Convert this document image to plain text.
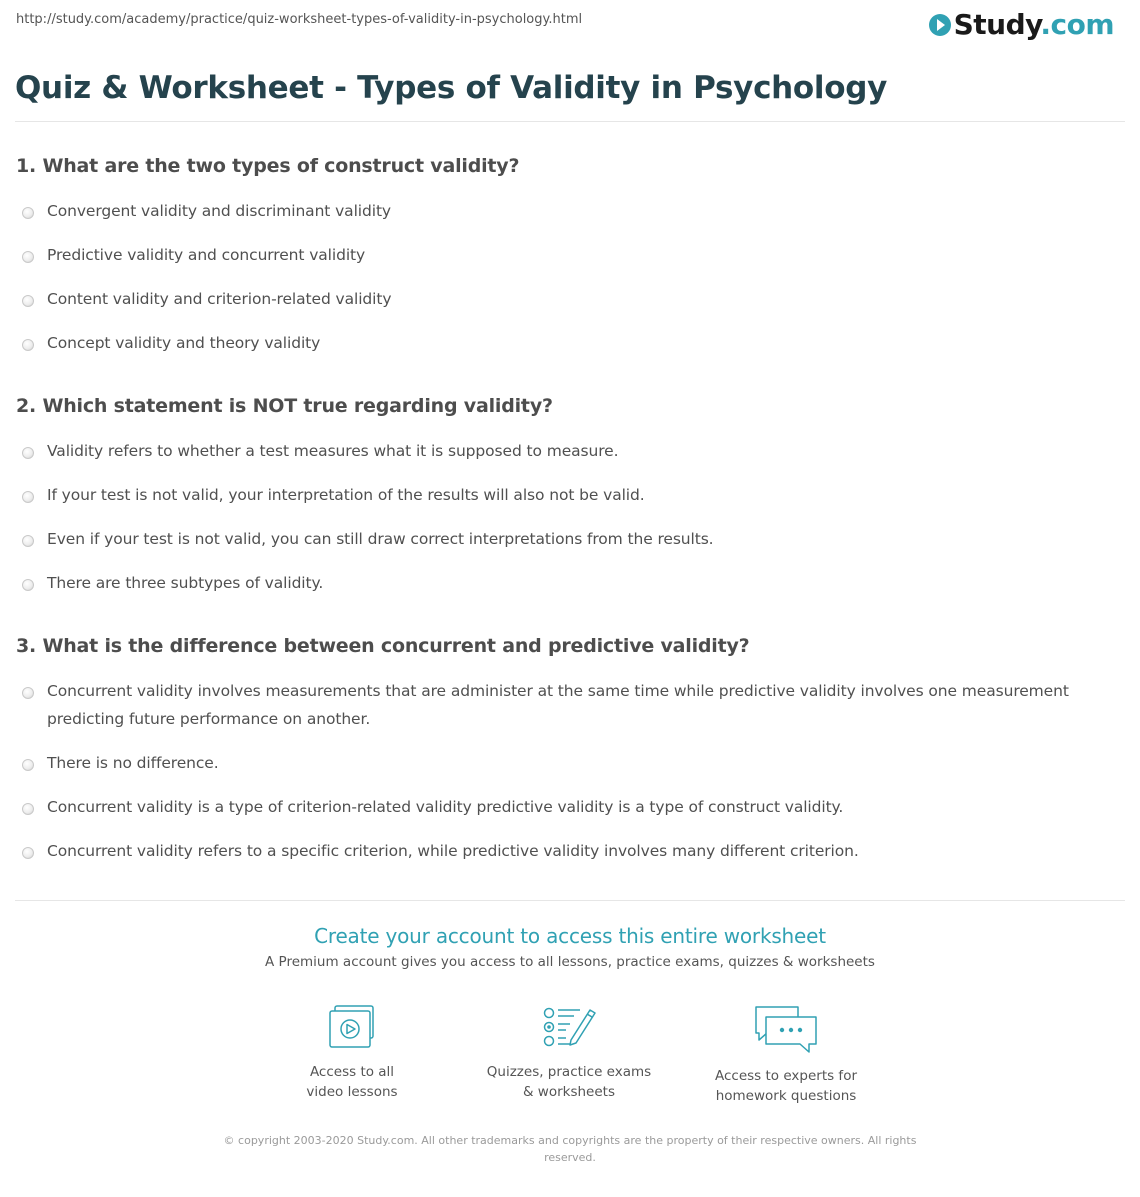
http://study.com/academy/practice/quiz-worksheet-types-of-validity-in-psychology.html	Study.com
Quiz & Worksheet - Types of Validity in Psychology
1. What are the two types of construct validity?
Convergent validity and discriminant validity
Predictive validity and concurrent validity
Content validity and criterion-related validity
Concept validity and theory validity
2. Which statement is NOT true regarding validity?
Validity refers to whether a test measures what it is supposed to measure.
If your test is not valid, your interpretation of the results will also not be valid.
Even if your test is not valid, you can still draw correct interpretations from the results.
There are three subtypes of validity.
3. What is the difference between concurrent and predictive validity?
Concurrent validity involves measurements that are administer at the same time while predictive validity involves one measurement predicting future performance on another.
There is no difference.
Concurrent validity is a type of criterion-related validity predictive validity is a type of construct validity.
Concurrent validity refers to a specific criterion, while predictive validity involves many different criterion.
Create your account to access this entire worksheet
A Premium account gives you access to all lessons, practice exams, quizzes & worksheets
Access to all
video lessons
Quizzes, practice exams
& worksheets
Access to experts for
homework questions
© copyright 2003-2020 Study.com. All other trademarks and copyrights are the property of their respective owners. All rights
reserved.
